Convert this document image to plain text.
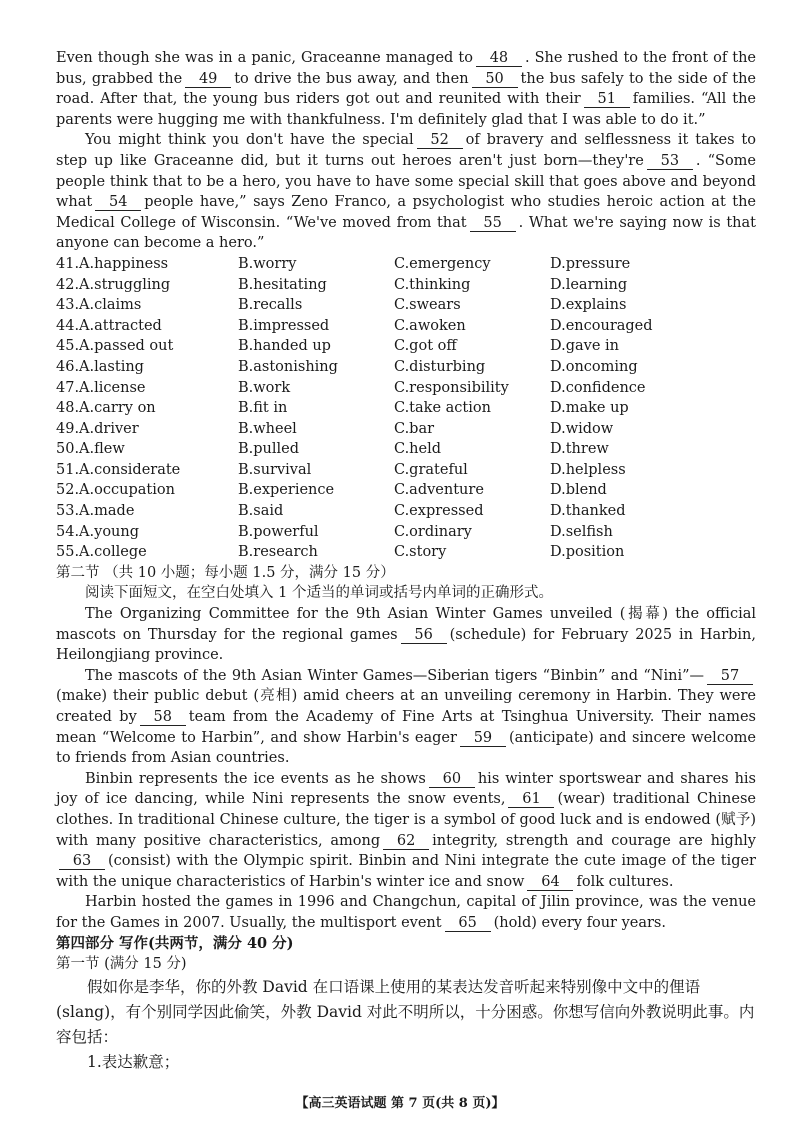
Even though she was in a panic, Graceanne managed to 48 . She rushed to the front of the bus, grabbed the 49 to drive the bus away, and then 50 the bus safely to the side of the road. After that, the young bus riders got out and reunited with their 51 families. “All the parents were hugging me with thankfulness. I'm definitely glad that I was able to do it.”

You might think you don't have the special 52 of bravery and selflessness it takes to step up like Graceanne did, but it turns out heroes aren't just born—they're 53 . “Some people think that to be a hero, you have to have some special skill that goes above and beyond what 54 people have,” says Zeno Franco, a psychologist who studies heroic action at the Medical College of Wisconsin. “We've moved from that 55 . What we're saying now is that anyone can become a hero.”

41.A.happiness	B.worry	C.emergency	D.pressure
42.A.struggling	B.hesitating	C.thinking	D.learning
43.A.claims	B.recalls	C.swears	D.explains
44.A.attracted	B.impressed	C.awoken	D.encouraged
45.A.passed out	B.handed up	C.got off	D.gave in
46.A.lasting	B.astonishing	C.disturbing	D.oncoming
47.A.license	B.work	C.responsibility	D.confidence
48.A.carry on	B.fit in	C.take action	D.make up
49.A.driver	B.wheel	C.bar	D.widow
50.A.flew	B.pulled	C.held	D.threw
51.A.considerate	B.survival	C.grateful	D.helpless
52.A.occupation	B.experience	C.adventure	D.blend
53.A.made	B.said	C.expressed	D.thanked
54.A.young	B.powerful	C.ordinary	D.selfish
55.A.college	B.research	C.story	D.position

第二节 （共 10 小题；每小题 1.5 分，满分 15 分）

阅读下面短文，在空白处填入 1 个适当的单词或括号内单词的正确形式。

The Organizing Committee for the 9th Asian Winter Games unveiled (揭幕) the official mascots on Thursday for the regional games 56 (schedule) for February 2025 in Harbin, Heilongjiang province.

The mascots of the 9th Asian Winter Games—Siberian tigers “Binbin” and “Nini”— 57(make) their public debut (亮相) amid cheers at an unveiling ceremony in Harbin. They were created by 58 team from the Academy of Fine Arts at Tsinghua University. Their names mean “Welcome to Harbin”, and show Harbin's eager 59 (anticipate) and sincere welcome to friends from Asian countries.

Binbin represents the ice events as he shows 60 his winter sportswear and shares his joy of ice dancing, while Nini represents the snow events, 61 (wear) traditional Chinese clothes. In traditional Chinese culture, the tiger is a symbol of good luck and is endowed (赋予) with many positive characteristics, among 62 integrity, strength and courage are highly63 (consist) with the Olympic spirit. Binbin and Nini integrate the cute image of the tiger with the unique characteristics of Harbin's winter ice and snow 64 folk cultures.

Harbin hosted the games in 1996 and Changchun, capital of Jilin province, was the venue for the Games in 2007. Usually, the multisport event 65 (hold) every four years.

第四部分 写作(共两节，满分 40 分)

第一节 (满分 15 分)

假如你是李华，你的外教 David 在口语课上使用的某表达发音听起来特别像中文中的俚语(slang)，有个别同学因此偷笑，外教 David 对此不明所以，十分困惑。你想写信向外教说明此事。内容包括：

1.表达歉意；

【高三英语试题 第 7 页(共 8 页)】
